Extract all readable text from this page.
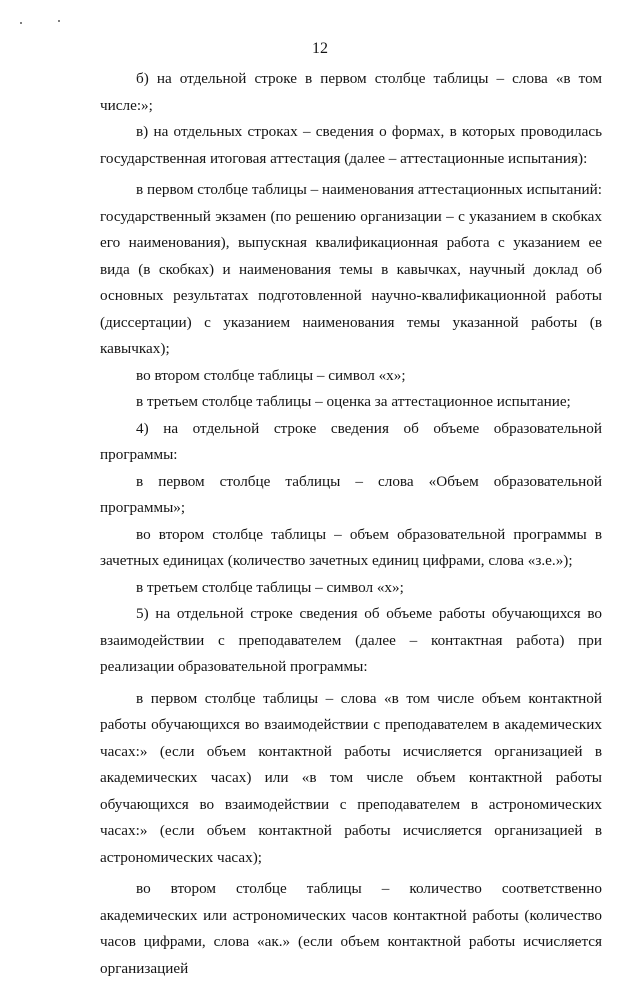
12

б) на отдельной строке в первом столбце таблицы – слова «в том числе:»;

в) на отдельных строках – сведения о формах, в которых проводилась государственная итоговая аттестация (далее – аттестационные испытания):

в первом столбце таблицы – наименования аттестационных испытаний: государственный экзамен (по решению организации – с указанием в скобках его наименования), выпускная квалификационная работа с указанием ее вида (в скобках) и наименования темы в кавычках, научный доклад об основных результатах подготовленной научно-квалификационной работы (диссертации) с указанием наименования темы указанной работы (в кавычках);

во втором столбце таблицы – символ «х»;

в третьем столбце таблицы – оценка за аттестационное испытание;

4) на отдельной строке сведения об объеме образовательной программы:

в первом столбце таблицы – слова «Объем образовательной программы»;

во втором столбце таблицы – объем образовательной программы в зачетных единицах (количество зачетных единиц цифрами, слова «з.е.»);

в третьем столбце таблицы – символ «х»;

5) на отдельной строке сведения об объеме работы обучающихся во взаимодействии с преподавателем (далее – контактная работа) при реализации образовательной программы:

в первом столбце таблицы – слова «в том числе объем контактной работы обучающихся во взаимодействии с преподавателем в академических часах:» (если объем контактной работы исчисляется организацией в академических часах) или «в том числе объем контактной работы обучающихся во взаимодействии с преподавателем в астрономических часах:» (если объем контактной работы исчисляется организацией в астрономических часах);

во втором столбце таблицы – количество соответственно академических или астрономических часов контактной работы (количество часов цифрами, слова «ак.» (если объем контактной работы исчисляется организацией
